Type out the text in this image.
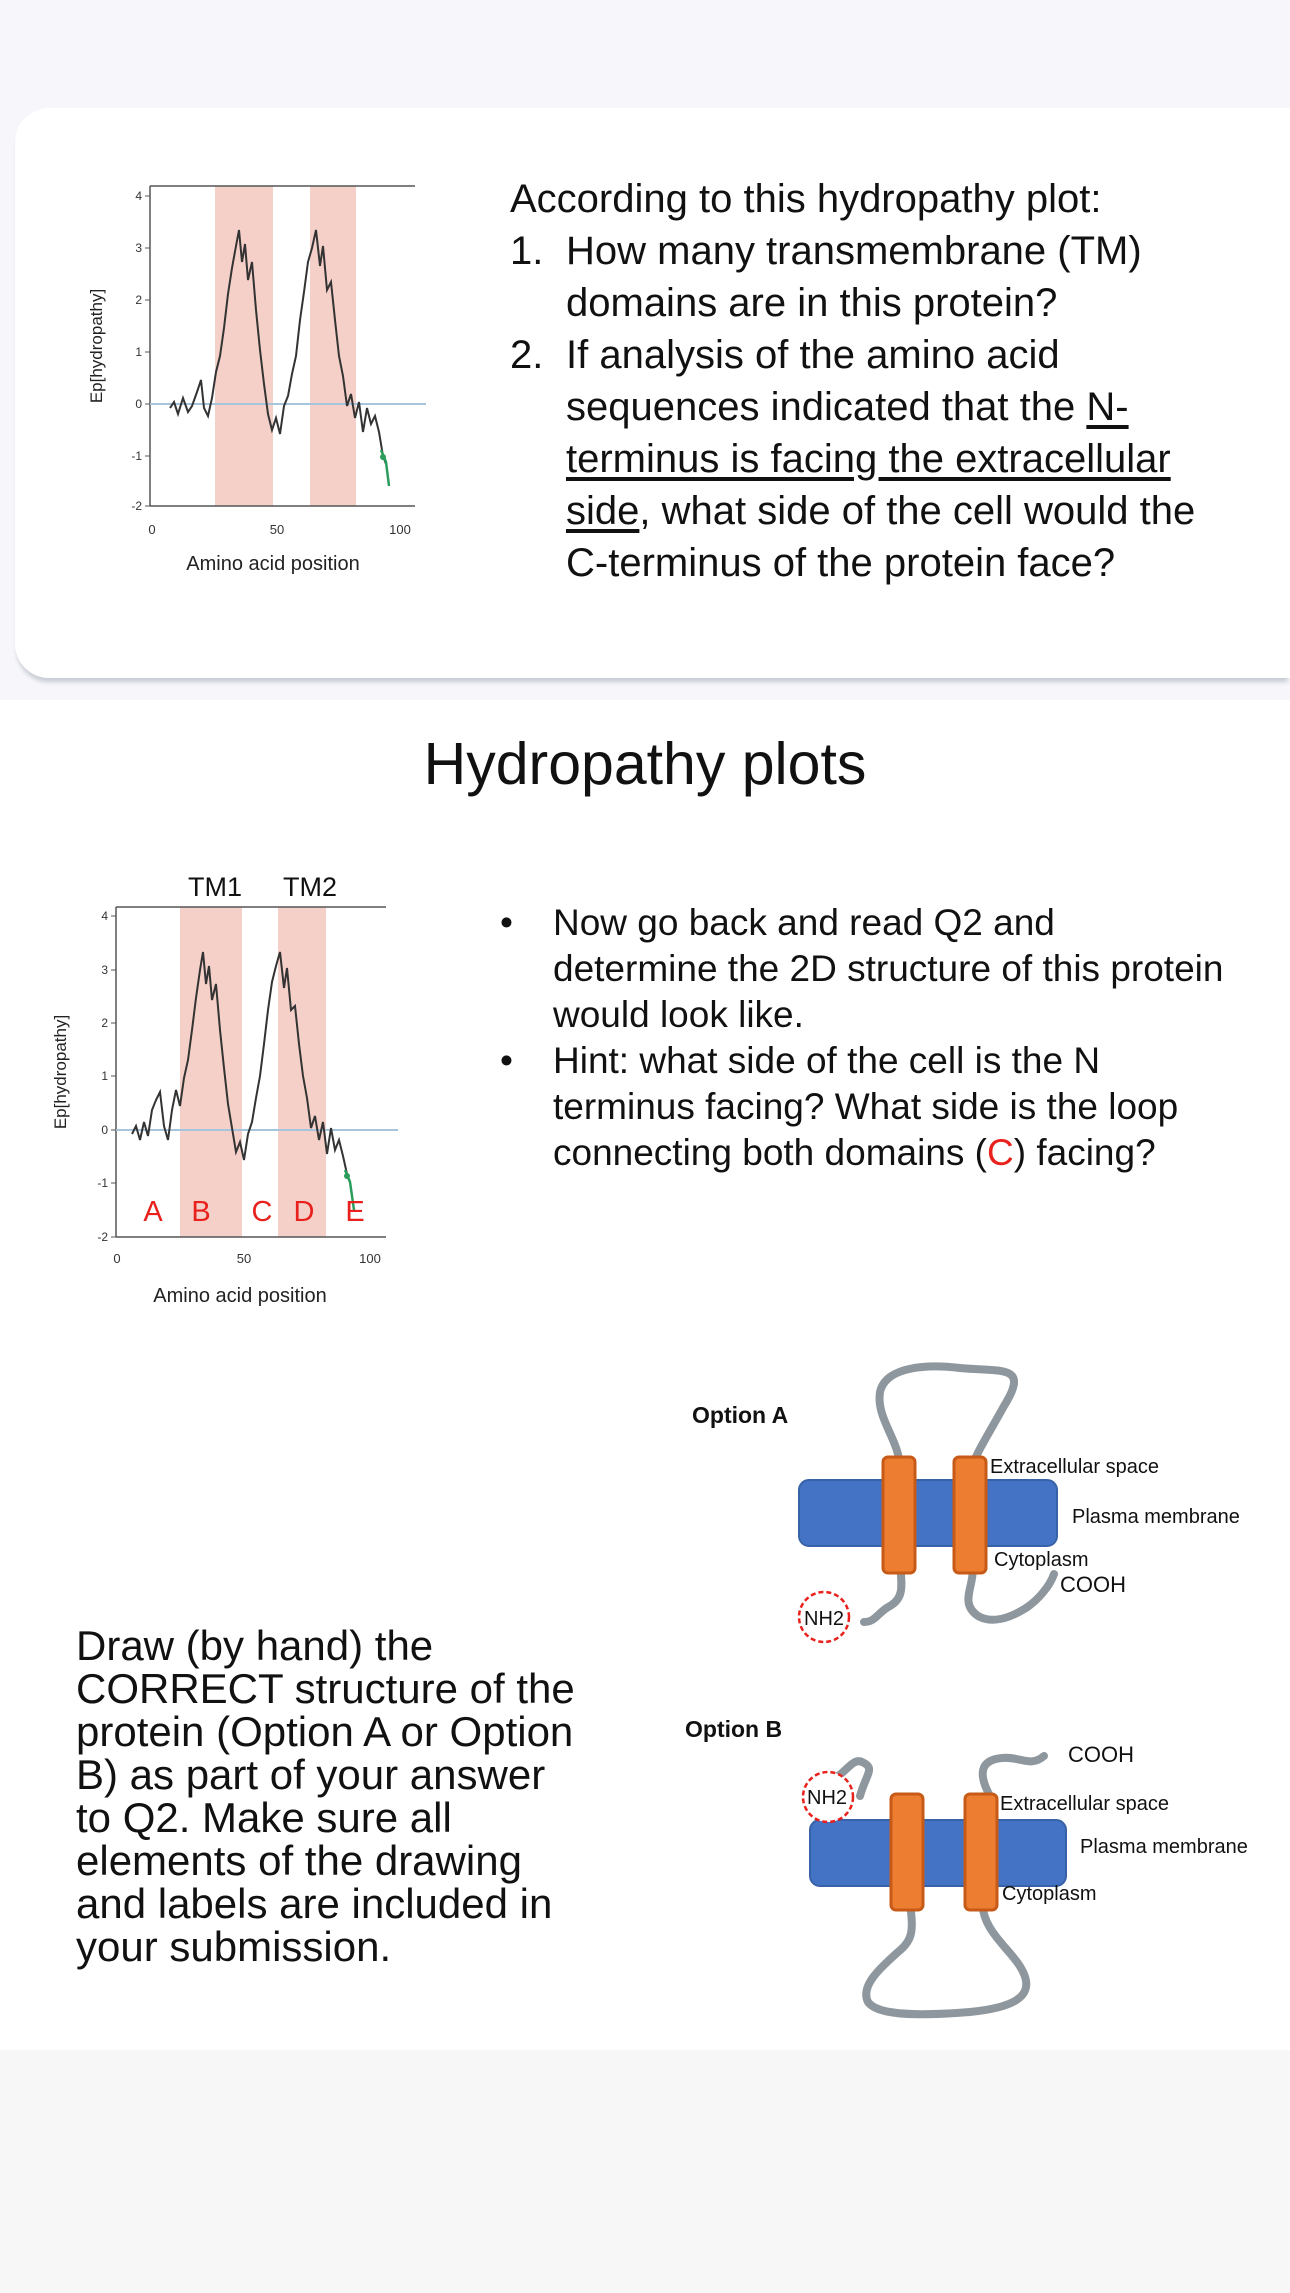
4
3
2
1
0
-1
-2
0	50	100
Ep[hydropathy]
Amino acid position
According to this hydropathy plot:
1. How many transmembrane (TM)
domains are in this protein?
2. If analysis of the amino acid
sequences indicated that the N-
terminus is facing the extracellular
side, what side of the cell would the
C-terminus of the protein face?
Hydropathy plots
TM1 TM2
4
3
2
1
0
-1
-2
0	50	100
Ep[hydropathy]
Amino acid position
A B C D E
• Now go back and read Q2 and
determine the 2D structure of this protein
would look like.
• Hint: what side of the cell is the N
terminus facing? What side is the loop
connecting both domains (C) facing?
Draw (by hand) the
CORRECT structure of the
protein (Option A or Option
B) as part of your answer
to Q2. Make sure all
elements of the drawing
and labels are included in
your submission.
Option A
Extracellular space
Plasma membrane
Cytoplasm
COOH
NH2
Option B
COOH
Extracellular space
Plasma membrane
Cytoplasm
NH2
